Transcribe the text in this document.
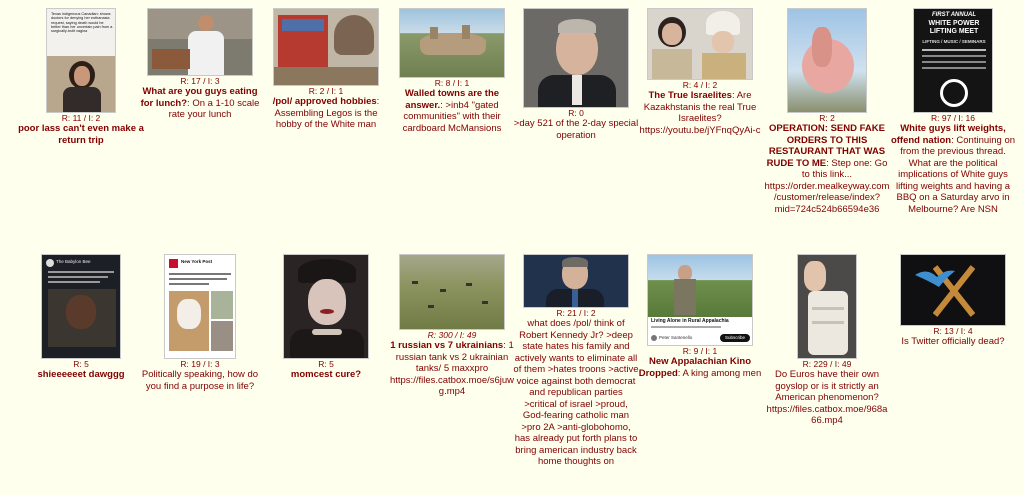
Texas indigenous Canadian: shows doctors for denying her euthanasia request, saying death would be better than her uncertain pain from a surgically-built vagina
R: 11 / I: 2
poor lass can't even make a return trip
R: 17 / I: 3
What are you guys eating for lunch?: On a 1-10 scale rate your lunch
R: 2 / I: 1
/pol/ approved hobbies: Assembling Legos is the hobby of the White man
R: 8 / I: 1
Walled towns are the answer.: >inb4 "gated communities" with their cardboard McMansions
R: 0
>day 521 of the 2-day special operation
R: 4 / I: 2
The True Israelites: Are Kazakhstanis the real True Israelites? https://youtu.be/jYFnqQyAi-c
R: 2
OPERATION: SEND FAKE ORDERS TO THIS RESTAURANT THAT WAS RUDE TO ME: Step one: Go to this link... https://order.mealkeyway.com/customer/release/index?mid=724c524b66594e36
FIRST ANNUAL
WHITE POWER LIFTING MEET
LIFTING / MUSIC / SEMINARS
R: 97 / I: 16
White guys lift weights, offend nation: Continuing on from the previous thread. What are the political implications of White guys lifting weights and having a BBQ on a Saturday arvo in Melbourne? Are NSN
The Babylon Bee
R: 5
shieeeeeet dawggg
New York Post
R: 19 / I: 3
Politically speaking, how do you find a purpose in life?
R: 5
momcest cure?
R: 300 / I: 49
1 russian vs 7 ukrainians: 1 russian tank vs 2 ukrainian tanks/ 5 maxxpro https://files.catbox.moe/s6juwg.mp4
R: 21 / I: 2
what does /pol/ think of Robert Kennedy Jr? >deep state hates his family and actively wants to eliminate all of them >hates troons >active voice against both democrat and republican parties >critical of israel >proud, God-fearing catholic man >pro 2A >anti-globohomo, has already put forth plans to bring american industry back home thoughts on
Living Alone in Rural Appalachia
Peter Santenello	Subscribe
R: 9 / I: 1
New Appalachian Kino Dropped: A king among men
R: 229 / I: 49
Do Euros have their own goyslop or is it strictly an American phenomenon? https://files.catbox.moe/968a66.mp4
R: 13 / I: 4
Is Twitter officially dead?
